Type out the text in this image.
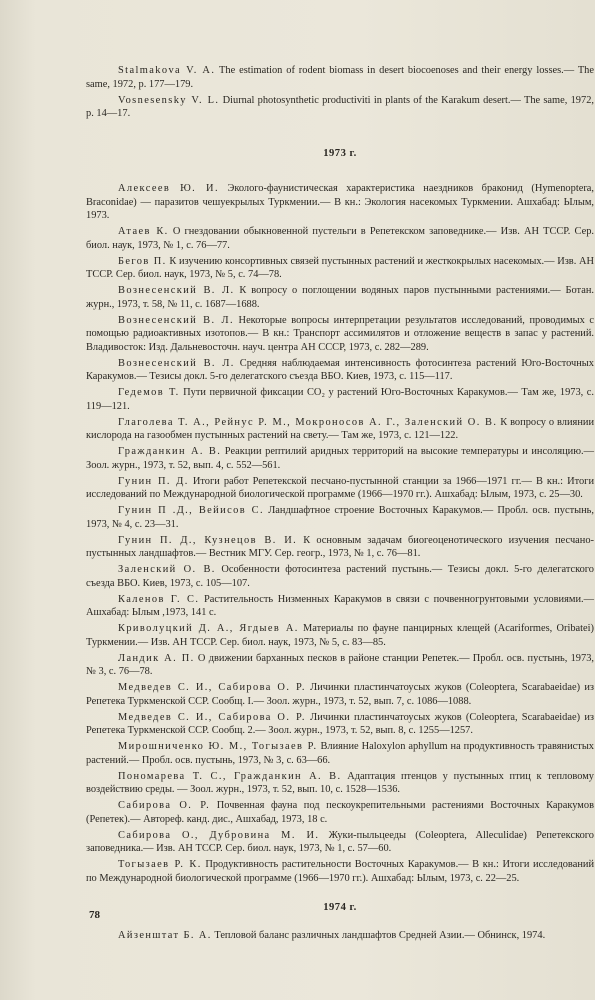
Stalmakova V. A. The estimation of rodent biomass in desert biocoenoses and their energy losses.— The same, 1972, p. 177—179.

Vosnesensky V. L. Diurnal photosynthetic productiviti in plants of the Karakum desert.— The same, 1972, p. 14—17.

1973 г.

Алексеев Ю. И. Эколого-фаунистическая характеристика наездников браконид (Hymenoptera, Braconidae) — паразитов чешуекрылых Туркмении.— В кн.: Экология насекомых Туркмении. Ашхабад: Ылым, 1973.

Атаев К. О гнездовании обыкновенной пустельги в Репетекском заповеднике.— Изв. АН ТССР. Сер. биол. наук, 1973, № 1, с. 76—77.

Бегов П. К изучению консортивных связей пустынных растений и жесткокрылых насекомых.— Изв. АН ТССР. Сер. биол. наук, 1973, № 5, с. 74—78.

Вознесенский В. Л. К вопросу о поглощении водяных паров пустынными растениями.— Ботан. журн., 1973, т. 58, № 11, с. 1687—1688.

Вознесенский В. Л. Некоторые вопросы интерпретации результатов исследований, проводимых с помощью радиоактивных изотопов.— В кн.: Транспорт ассимилятов и отложение веществ в запас у растений. Владивосток: Изд. Дальневосточн. науч. центра АН СССР, 1973, с. 282—289.

Вознесенский В. Л. Средняя наблюдаемая интенсивность фотосинтеза растений Юго-Восточных Каракумов.— Тезисы докл. 5-го делегатского съезда ВБО. Киев, 1973, с. 115—117.

Гедемов Т. Пути первичной фиксации CO₂ у растений Юго-Восточных Каракумов.— Там же, 1973, с. 119—121.

Глаголева Т. А., Рейнус Р. М., Мокроносов А. Г., Заленский О. В. К вопросу о влиянии кислорода на газообмен пустынных растений на свету.— Там же, 1973, с. 121—122.

Гражданкин А. В. Реакции рептилий аридных территорий на высокие температуры и инсоляцию.— Зоол. журн., 1973, т. 52, вып. 4, с. 552—561.

Гунин П. Д. Итоги работ Репетекской песчано-пустынной станции за 1966—1971 гг.— В кн.: Итоги исследований по Международной биологической программе (1966—1970 гг.). Ашхабад: Ылым, 1973, с. 25—30.

Гунин П .Д., Вейисов С. Ландшафтное строение Восточных Каракумов.— Пробл. осв. пустынь, 1973, № 4, с. 23—31.

Гунин П. Д., Кузнецов В. И. К основным задачам биогеоценотического изучения песчано-пустынных ландшафтов.— Вестник МГУ. Сер. геогр., 1973, № 1, с. 76—81.

Заленский О. В. Особенности фотосинтеза растений пустынь.— Тезисы докл. 5-го делегатского съезда ВБО. Киев, 1973, с. 105—107.

Каленов Г. С. Растительность Низменных Каракумов в связи с почвенногрунтовыми условиями.— Ашхабад: Ылым ,1973, 141 с.

Криволуцкий Д. А., Ягдыев А. Материалы по фауне панцирных клещей (Acariformes, Oribatei) Туркмении.— Изв. АН ТССР. Сер. биол. наук, 1973, № 5, с. 83—85.

Ландик А. П. О движении барханных песков в районе станции Репетек.— Пробл. осв. пустынь, 1973, № 3, с. 76—78.

Медведев С. И., Сабирова О. Р. Личинки пластинчатоусых жуков (Coleoptera, Scarabaeidae) из Репетека Туркменской ССР. Сообщ. I.— Зоол. журн., 1973, т. 52, вып. 7, с. 1086—1088.

Медведев С. И., Сабирова О. Р. Личинки пластинчатоусых жуков (Coleoptera, Scarabaeidae) из Репетека Туркменской ССР. Сообщ. 2.— Зоол. журн., 1973, т. 52, вып. 8, с. 1255—1257.

Мирошниченко Ю. М., Тогызаев Р. Влияние Haloxylon aphyllum на продуктивность травянистых растений.— Пробл. осв. пустынь, 1973, № 3, с. 63—66.

Пономарева Т. С., Гражданкин А. В. Адаптация птенцов у пустынных птиц к тепловому воздействию среды. — Зоол. журн., 1973, т. 52, вып. 10, с. 1528—1536.

Сабирова О. Р. Почвенная фауна под пескоукрепительными растениями Восточных Каракумов (Репетек).— Автореф. канд. дис., Ашхабад, 1973, 18 с.

Сабирова О., Дубровина М. И. Жуки-пыльцееды (Coleoptera, Alleculidae) Репетекского заповедника.— Изв. АН ТССР. Сер. биол. наук, 1973, № 1, с. 57—60.

Тогызаев Р. К. Продуктивность растительности Восточных Каракумов.— В кн.: Итоги исследований по Международной биологической программе (1966—1970 гг.). Ашхабад: Ылым, 1973, с. 22—25.

1974 г.

Айзенштат Б. А. Тепловой баланс различных ландшафтов Средней Азии.— Обнинск, 1974.

78
